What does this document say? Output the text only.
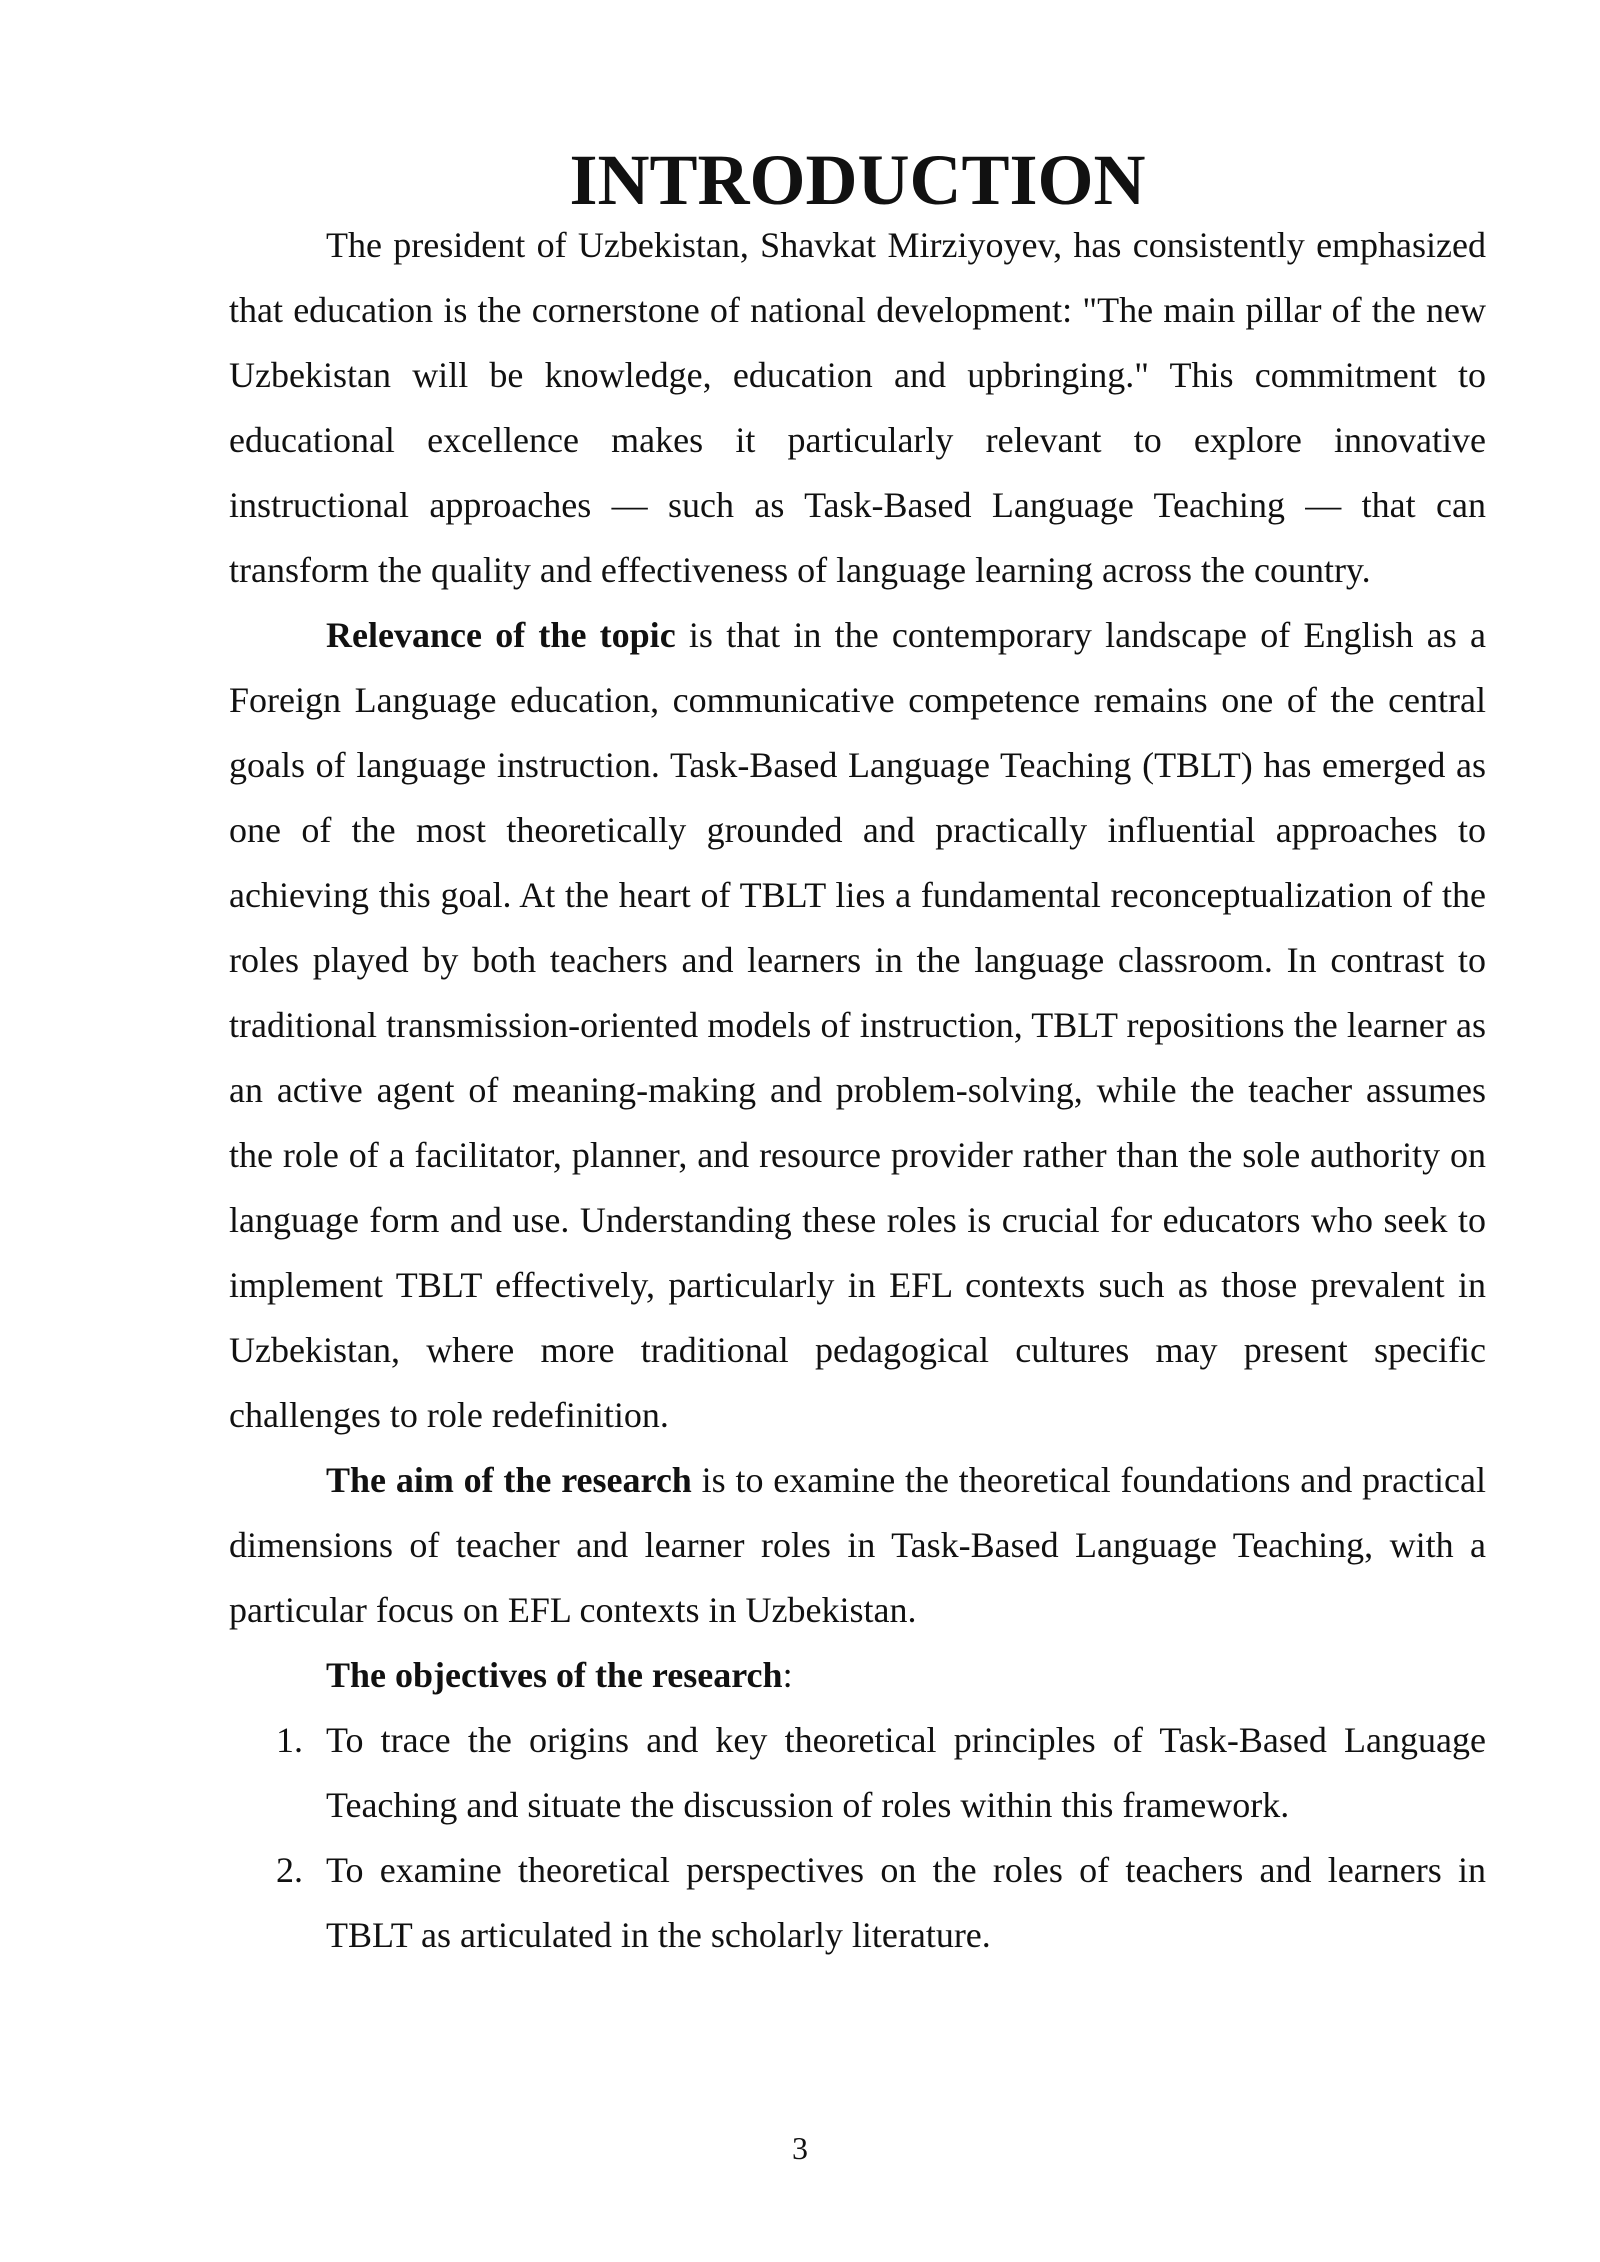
INTRODUCTION

The president of Uzbekistan, Shavkat Mirziyoyev, has consistently emphasized that education is the cornerstone of national development: "The main pillar of the new Uzbekistan will be knowledge, education and upbringing." This commitment to educational excellence makes it particularly relevant to explore innovative instructional approaches — such as Task-Based Language Teaching — that can transform the quality and effectiveness of language learning across the country.

Relevance of the topic is that in the contemporary landscape of English as a Foreign Language education, communicative competence remains one of the central goals of language instruction. Task-Based Language Teaching (TBLT) has emerged as one of the most theoretically grounded and practically influential approaches to achieving this goal. At the heart of TBLT lies a fundamental reconceptualization of the roles played by both teachers and learners in the language classroom. In contrast to traditional transmission-oriented models of instruction, TBLT repositions the learner as an active agent of meaning-making and problem-solving, while the teacher assumes the role of a facilitator, planner, and resource provider rather than the sole authority on language form and use. Understanding these roles is crucial for educators who seek to implement TBLT effectively, particularly in EFL contexts such as those prevalent in Uzbekistan, where more traditional pedagogical cultures may present specific challenges to role redefinition.

The aim of the research is to examine the theoretical foundations and practical dimensions of teacher and learner roles in Task-Based Language Teaching, with a particular focus on EFL contexts in Uzbekistan.

The objectives of the research:

1. To trace the origins and key theoretical principles of Task-Based Language Teaching and situate the discussion of roles within this framework.
2. To examine theoretical perspectives on the roles of teachers and learners in TBLT as articulated in the scholarly literature.
3
